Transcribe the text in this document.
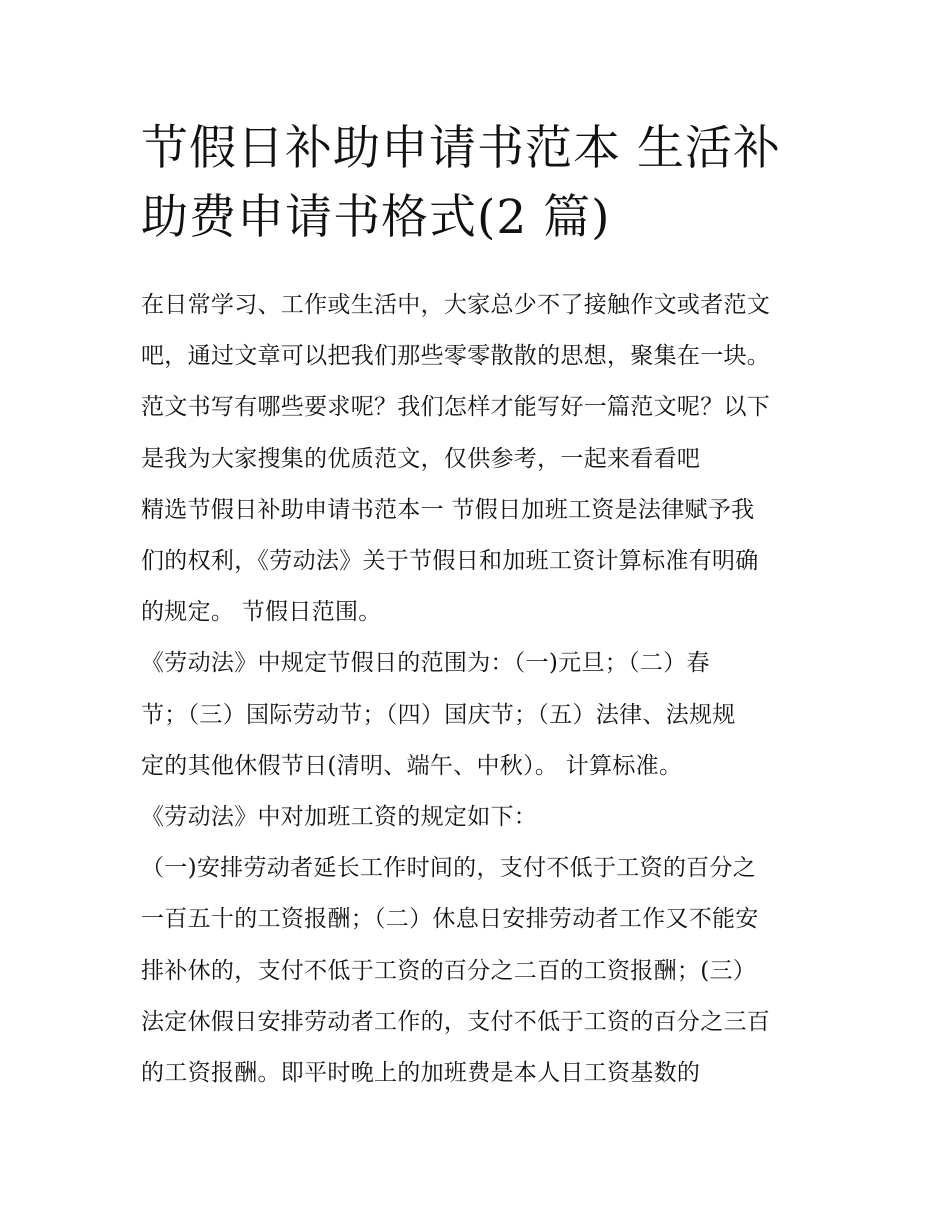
节假日补助申请书范本 生活补
助费申请书格式(2 篇)
在日常学习、工作或生活中，大家总少不了接触作文或者范文
吧，通过文章可以把我们那些零零散散的思想，聚集在一块。
范文书写有哪些要求呢？我们怎样才能写好一篇范文呢？以下
是我为大家搜集的优质范文，仅供参考，一起来看看吧
精选节假日补助申请书范本一 节假日加班工资是法律赋予我
们的权利，《劳动法》关于节假日和加班工资计算标准有明确
的规定。 节假日范围。
《劳动法》中规定节假日的范围为：（一)元旦；（二）春
节；（三）国际劳动节；（四）国庆节；（五）法律、法规规
定的其他休假节日(清明、端午、中秋）。 计算标准。
《劳动法》中对加班工资的规定如下：
（一)安排劳动者延长工作时间的，支付不低于工资的百分之
一百五十的工资报酬；（二）休息日安排劳动者工作又不能安
排补休的，支付不低于工资的百分之二百的工资报酬；(三）
法定休假日安排劳动者工作的，支付不低于工资的百分之三百
的工资报酬。即平时晚上的加班费是本人日工资基数的
